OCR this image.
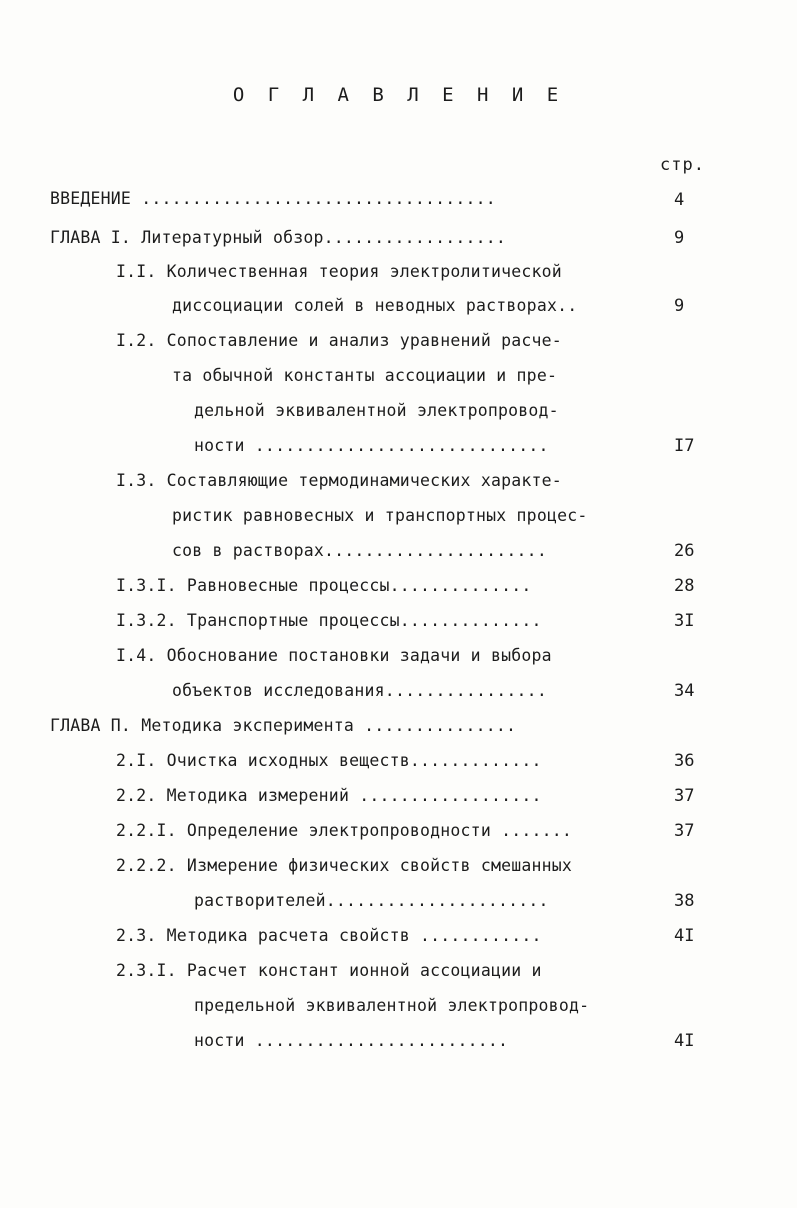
О Г Л А В Л Е Н И Е
стр.
ВВЕДЕНИЕ ...................................
ГЛАВА I. Литературный обзор..................
I.I. Количественная теория электролитической
диссоциации солей в неводных растворах..
I.2. Сопоставление и анализ уравнений расче-
та обычной константы ассоциации и пре-
дельной эквивалентной электропровод-
ности .............................
I.3. Составляющие термодинамических характе-
ристик равновесных и транспортных процес-
сов в растворах......................
I.3.I. Равновесные процессы..............
I.3.2. Транспортные процессы..............
I.4. Обоснование постановки задачи и выбора
объектов исследования................
ГЛАВА П. Методика эксперимента ...............
2.I. Очистка исходных веществ.............
2.2. Методика измерений ..................
2.2.I. Определение электропроводности .......
2.2.2. Измерение физических свойств смешанных
растворителей......................
2.3. Методика расчета свойств ............
2.3.I. Расчет констант ионной ассоциации и
предельной эквивалентной электропровод-
ности .........................
4
9
9
I7
26
28
3I
34
36
37
37
38
4I
4I
